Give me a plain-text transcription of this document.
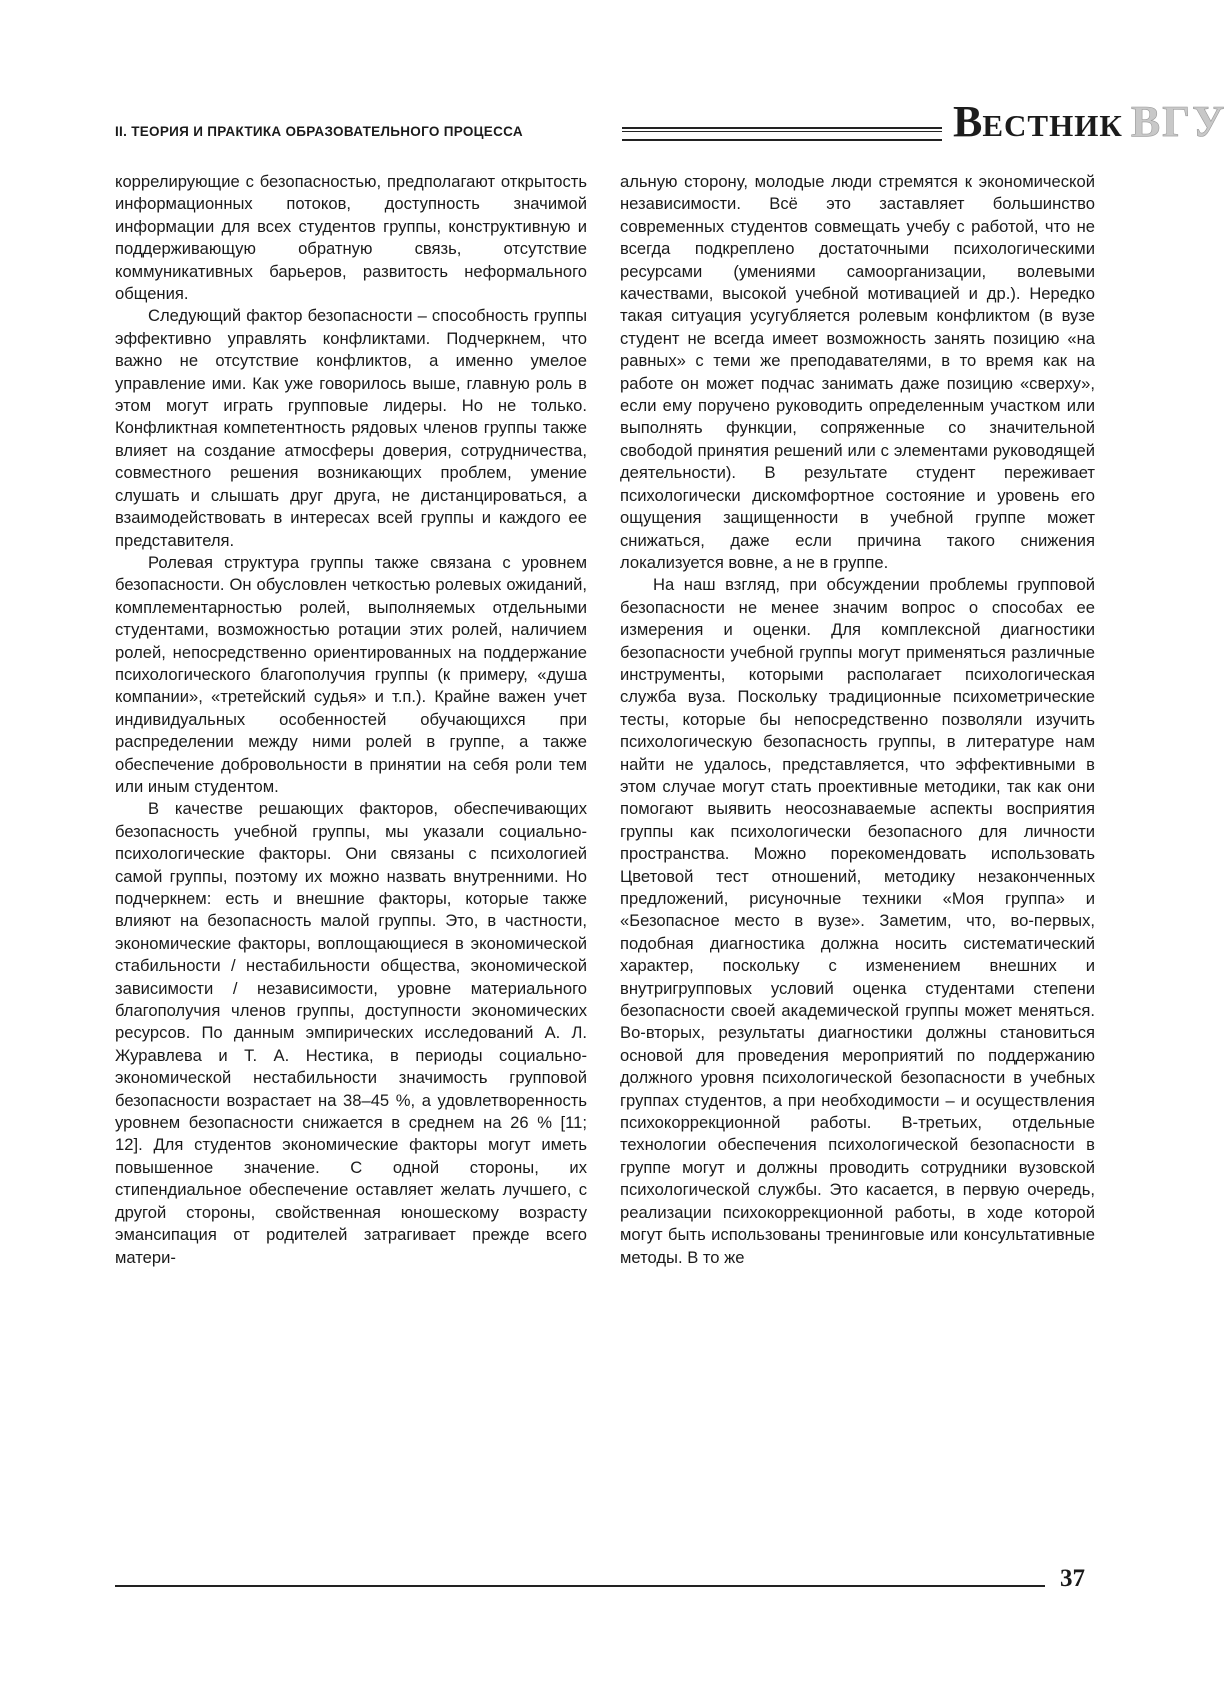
II. ТЕОРИЯ И ПРАКТИКА ОБРАЗОВАТЕЛЬНОГО ПРОЦЕССА	ВЕСТНИК ВГУ

коррелирующие с безопасностью, предполагают открытость информационных потоков, доступность значимой информации для всех студентов группы, конструктивную и поддерживающую обратную связь, отсутствие коммуникативных барьеров, развитость неформального общения.

Следующий фактор безопасности – способность группы эффективно управлять конфликтами. Подчеркнем, что важно не отсутствие конфликтов, а именно умелое управление ими. Как уже говорилось выше, главную роль в этом могут играть групповые лидеры. Но не только. Конфликтная компетентность рядовых членов группы также влияет на создание атмосферы доверия, сотрудничества, совместного решения возникающих проблем, умение слушать и слышать друг друга, не дистанцироваться, а взаимодействовать в интересах всей группы и каждого ее представителя.

Ролевая структура группы также связана с уровнем безопасности. Он обусловлен четкостью ролевых ожиданий, комплементарностью ролей, выполняемых отдельными студентами, возможностью ротации этих ролей, наличием ролей, непосредственно ориентированных на поддержание психологического благополучия группы (к примеру, «душа компании», «третейский судья» и т.п.). Крайне важен учет индивидуальных особенностей обучающихся при распределении между ними ролей в группе, а также обеспечение добровольности в принятии на себя роли тем или иным студентом.

В качестве решающих факторов, обеспечивающих безопасность учебной группы, мы указали социально-психологические факторы. Они связаны с психологией самой группы, поэтому их можно назвать внутренними. Но подчеркнем: есть и внешние факторы, которые также влияют на безопасность малой группы. Это, в частности, экономические факторы, воплощающиеся в экономической стабильности / нестабильности общества, экономической зависимости / независимости, уровне материального благополучия членов группы, доступности экономических ресурсов. По данным эмпирических исследований А. Л. Журавлева и Т. А. Нестика, в периоды социально-экономической нестабильности значимость групповой безопасности возрастает на 38–45 %, а удовлетворенность уровнем безопасности снижается в среднем на 26 % [11; 12]. Для студентов экономические факторы могут иметь повышенное значение. С одной стороны, их стипендиальное обеспечение оставляет желать лучшего, с другой стороны, свойственная юношескому возрасту эмансипация от родителей затрагивает прежде всего матери-

альную сторону, молодые люди стремятся к экономической независимости. Всё это заставляет большинство современных студентов совмещать учебу с работой, что не всегда подкреплено достаточными психологическими ресурсами (умениями самоорганизации, волевыми качествами, высокой учебной мотивацией и др.). Нередко такая ситуация усугубляется ролевым конфликтом (в вузе студент не всегда имеет возможность занять позицию «на равных» с теми же преподавателями, в то время как на работе он может подчас занимать даже позицию «сверху», если ему поручено руководить определенным участком или выполнять функции, сопряженные со значительной свободой принятия решений или с элементами руководящей деятельности). В результате студент переживает психологически дискомфортное состояние и уровень его ощущения защищенности в учебной группе может снижаться, даже если причина такого снижения локализуется вовне, а не в группе.

На наш взгляд, при обсуждении проблемы групповой безопасности не менее значим вопрос о способах ее измерения и оценки. Для комплексной диагностики безопасности учебной группы могут применяться различные инструменты, которыми располагает психологическая служба вуза. Поскольку традиционные психометрические тесты, которые бы непосредственно позволяли изучить психологическую безопасность группы, в литературе нам найти не удалось, представляется, что эффективными в этом случае могут стать проективные методики, так как они помогают выявить неосознаваемые аспекты восприятия группы как психологически безопасного для личности пространства. Можно порекомендовать использовать Цветовой тест отношений, методику незаконченных предложений, рисуночные техники «Моя группа» и «Безопасное место в вузе». Заметим, что, во-первых, подобная диагностика должна носить систематический характер, поскольку с изменением внешних и внутригрупповых условий оценка студентами степени безопасности своей академической группы может меняться. Во-вторых, результаты диагностики должны становиться основой для проведения мероприятий по поддержанию должного уровня психологической безопасности в учебных группах студентов, а при необходимости – и осуществления психокоррекционной работы. В-третьих, отдельные технологии обеспечения психологической безопасности в группе могут и должны проводить сотрудники вузовской психологической службы. Это касается, в первую очередь, реализации психокоррекционной работы, в ходе которой могут быть использованы тренинговые или консультативные методы. В то же

37
